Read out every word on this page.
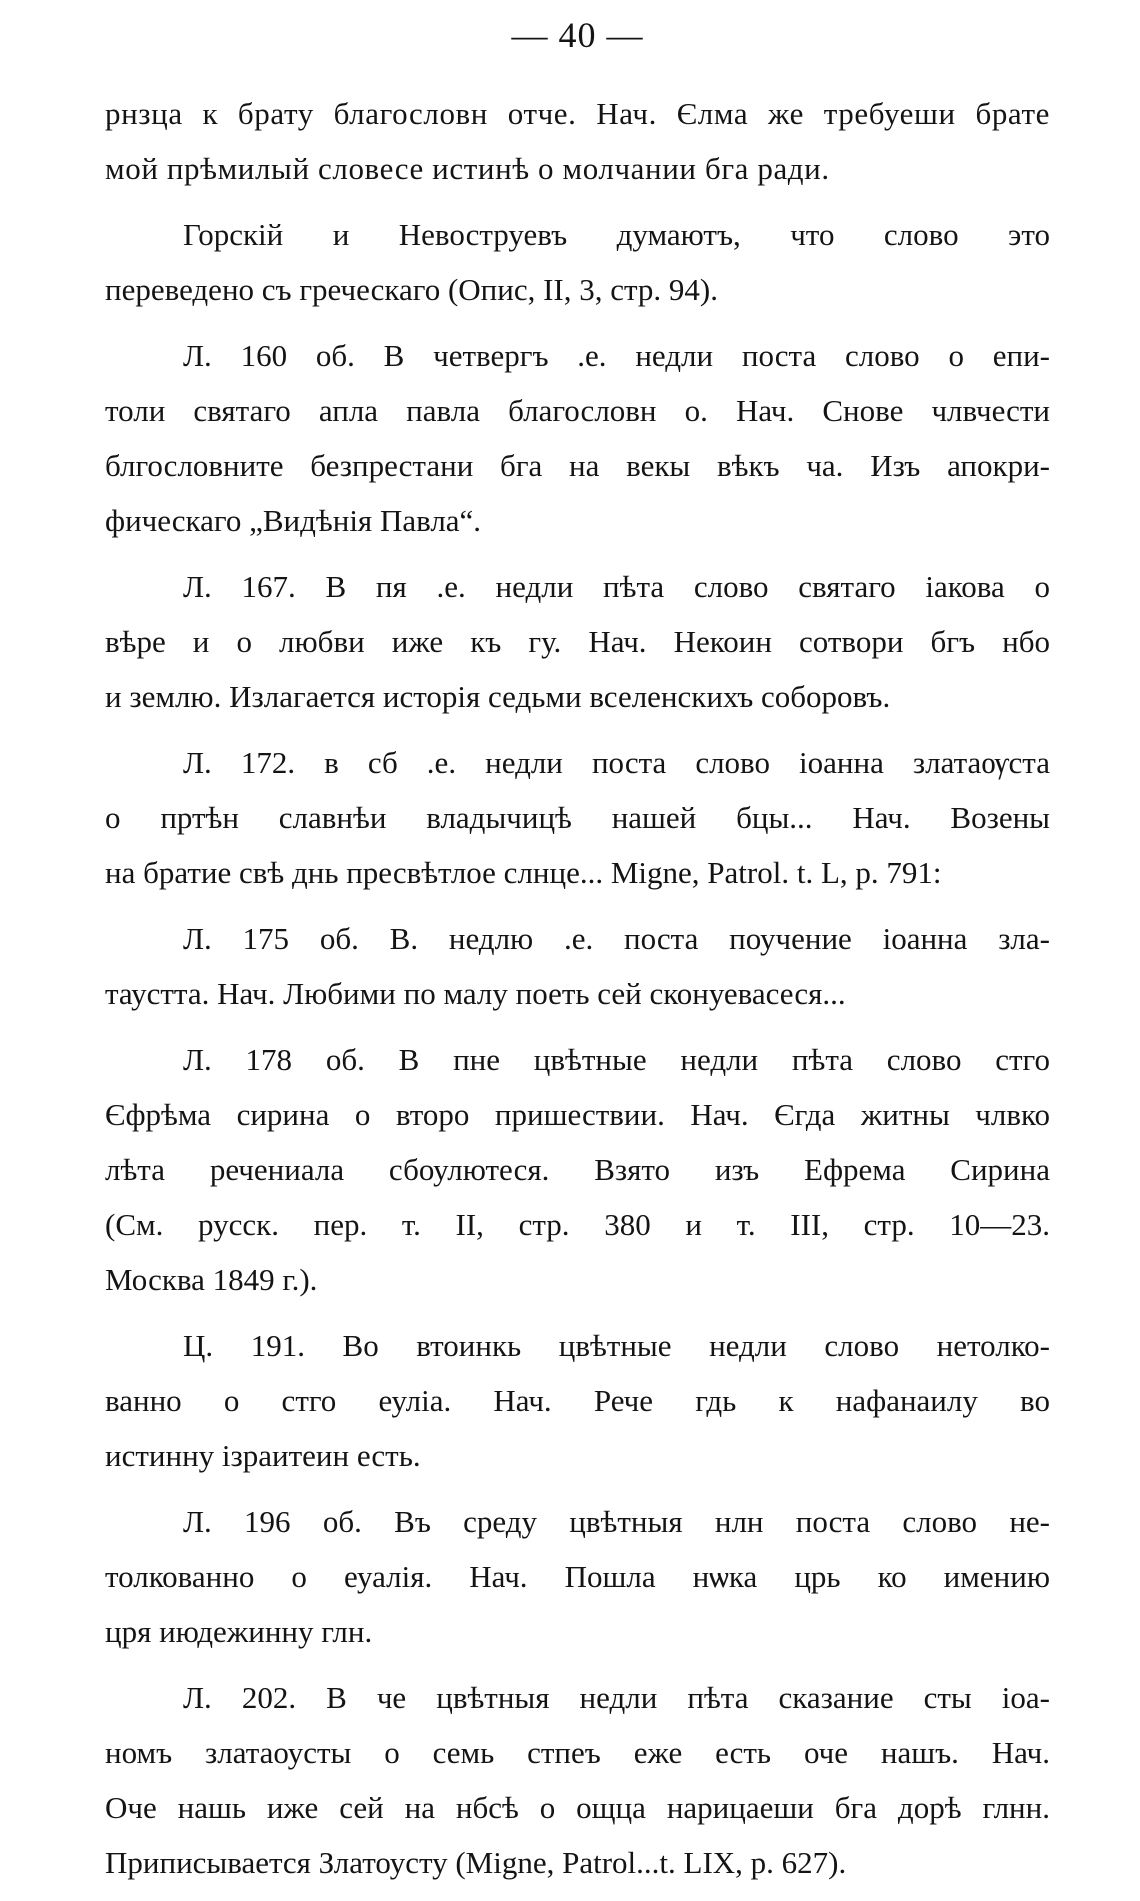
— 40 —

рнзца к брату благословн отче. Нач. Єлма же требуеши брате
мой прѣмилый словесе истинѣ о молчании бга ради.

Горскій и Невоструевъ думаютъ, что слово это
переведено съ греческаго (Опис, II, 3, стр. 94).

Л. 160 об. В четвергъ .е. недли поста слово о епи-
толи святаго апла павла благословн о. Нач. Снове члвчести
блгословните безпрестани бга на векы вѣкъ ча. Изъ апокри-
фическаго „Видѣнія Павла“.

Л. 167. В пя .е. недли пѣта слово святаго іакова о
вѣре и о любви иже къ гу. Нач. Некоин сотвори бгъ нбо
и землю. Излагается исторія седьми вселенскихъ соборовъ.

Л. 172. в сб .е. недли поста слово іоанна златаѹста
о пртѣн славнѣи владычицѣ нашей бцы... Нач. Возены
на братие свѣ днь пресвѣтлое слнце... Migne, Patrol. t. L, p. 791:

Л. 175 об. В. недлю .е. поста поучение іоанна зла-
таустта. Нач. Любими по малу поеть сей сконуевасеся...

Л. 178 об. В пне цвѣтные недли пѣта слово стго
Єфрѣма сирина о второ пришествии. Нач. Єгда житны члвко
лѣта речениала сбоулютеся. Взято изъ Ефрема Сирина
(См. русск. пер. т. II, стр. 380 и т. III, стр. 10—23.
Москва 1849 г.).

Ц. 191. Во втоинкь цвѣтные недли слово нетолко-
ванно о стго еуліа. Нач. Рече гдь к нафанаилу во
истинну ізраитеин есть.

Л. 196 об. Въ среду цвѣтныя нлн поста слово не-
толкованно о еуалія. Нач. Пошла нѡка црь ко имению
цря июдежинну глн.

Л. 202. В че цвѣтныя недли пѣта сказание сты іоа-
номъ златаоусты о семь стпеъ еже есть оче нашъ. Нач.
Оче нашь иже сей на нбсѣ о ощца нарицаеши бга дорѣ глнн.
Приписывается Златоусту (Migne, Patrol...t. LIX, p. 627).
